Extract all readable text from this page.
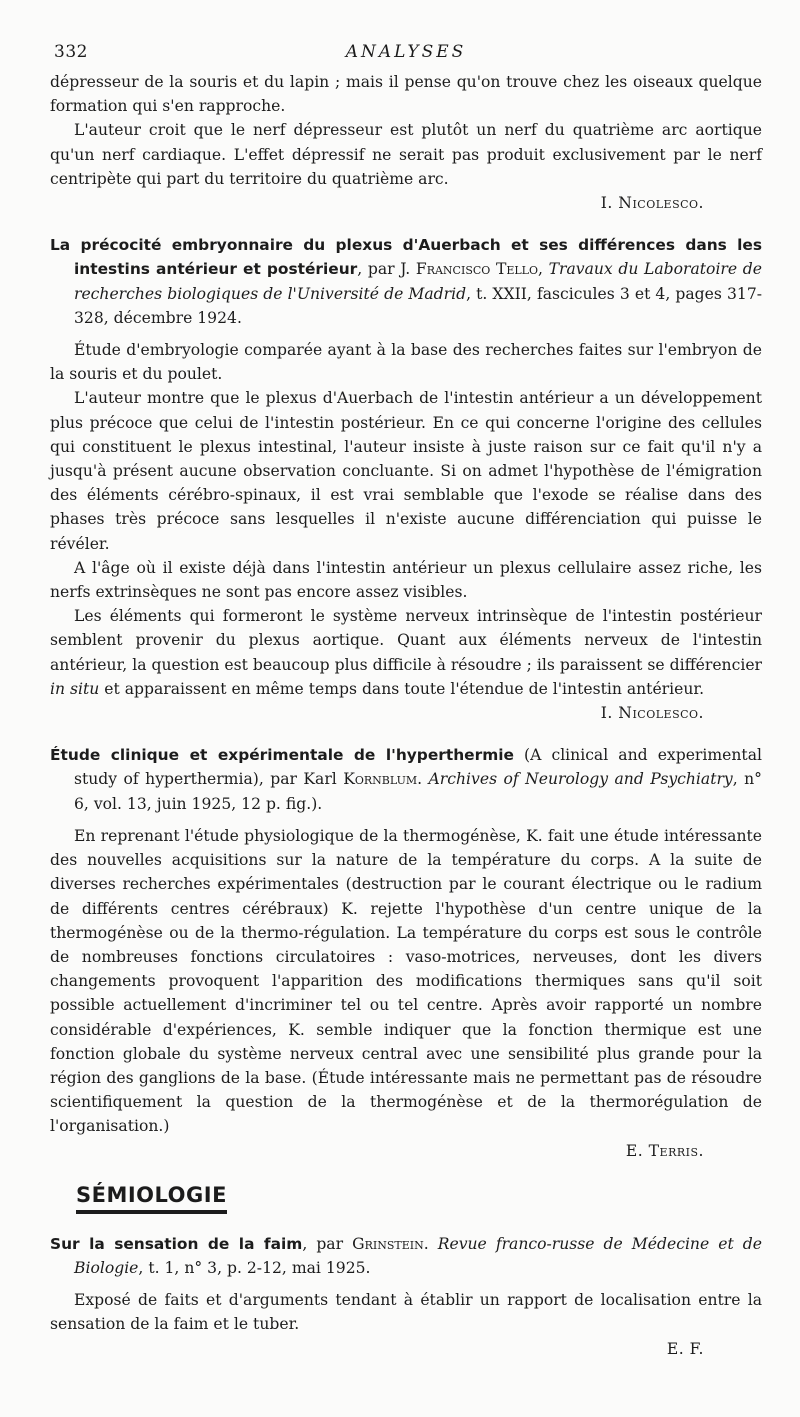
332	ANALYSES

dépresseur de la souris et du lapin ; mais il pense qu'on trouve chez les oiseaux quelque formation qui s'en rapproche.

L'auteur croit que le nerf dépresseur est plutôt un nerf du quatrième arc aortique qu'un nerf cardiaque. L'effet dépressif ne serait pas produit exclusivement par le nerf centripète qui part du territoire du quatrième arc.

I. Nicolesco.
La précocité embryonnaire du plexus d'Auerbach et ses différences dans les intestins antérieur et postérieur, par J. Francisco Tello, Travaux du Laboratoire de recherches biologiques de l'Université de Madrid, t. XXII, fascicules 3 et 4, pages 317-328, décembre 1924.

Étude d'embryologie comparée ayant à la base des recherches faites sur l'embryon de la souris et du poulet.

L'auteur montre que le plexus d'Auerbach de l'intestin antérieur a un développement plus précoce que celui de l'intestin postérieur. En ce qui concerne l'origine des cellules qui constituent le plexus intestinal, l'auteur insiste à juste raison sur ce fait qu'il n'y a jusqu'à présent aucune observation concluante. Si on admet l'hypothèse de l'émigration des éléments cérébro-spinaux, il est vrai semblable que l'exode se réalise dans des phases très précoce sans lesquelles il n'existe aucune différenciation qui puisse le révéler.

A l'âge où il existe déjà dans l'intestin antérieur un plexus cellulaire assez riche, les nerfs extrinsèques ne sont pas encore assez visibles.

Les éléments qui formeront le système nerveux intrinsèque de l'intestin postérieur semblent provenir du plexus aortique. Quant aux éléments nerveux de l'intestin antérieur, la question est beaucoup plus difficile à résoudre ; ils paraissent se différencier in situ et apparaissent en même temps dans toute l'étendue de l'intestin antérieur.

I. Nicolesco.
Étude clinique et expérimentale de l'hyperthermie (A clinical and experimental study of hyperthermia), par Karl Kornblum. Archives of Neurology and Psychiatry, n° 6, vol. 13, juin 1925, 12 p. fig.).

En reprenant l'étude physiologique de la thermogénèse, K. fait une étude intéressante des nouvelles acquisitions sur la nature de la température du corps. A la suite de diverses recherches expérimentales (destruction par le courant électrique ou le radium de différents centres cérébraux) K. rejette l'hypothèse d'un centre unique de la thermogénèse ou de la thermo-régulation. La température du corps est sous le contrôle de nombreuses fonctions circulatoires : vaso-motrices, nerveuses, dont les divers changements provoquent l'apparition des modifications thermiques sans qu'il soit possible actuellement d'incriminer tel ou tel centre. Après avoir rapporté un nombre considérable d'expériences, K. semble indiquer que la fonction thermique est une fonction globale du système nerveux central avec une sensibilité plus grande pour la région des ganglions de la base. (Étude intéressante mais ne permettant pas de résoudre scientifiquement la question de la thermogénèse et de la thermorégulation de l'organisation.)

E. Terris.
SÉMIOLOGIE
Sur la sensation de la faim, par Grinstein. Revue franco-russe de Médecine et de Biologie, t. 1, n° 3, p. 2-12, mai 1925.

Exposé de faits et d'arguments tendant à établir un rapport de localisation entre la sensation de la faim et le tuber.

E. F.
